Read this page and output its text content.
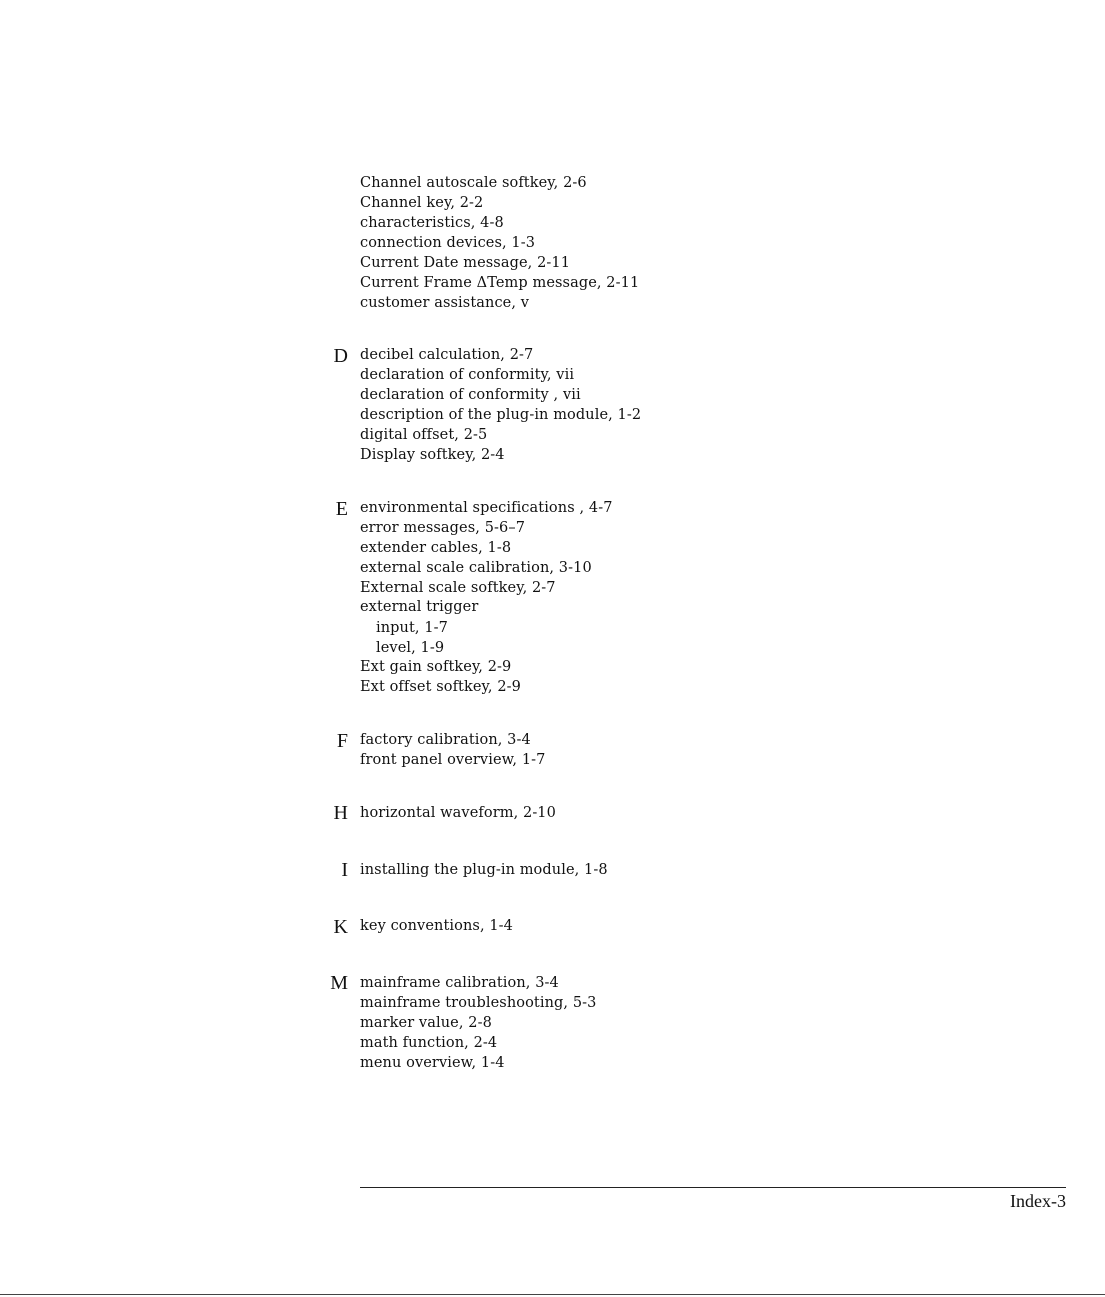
Channel autoscale softkey, 2-6
Channel key, 2-2
characteristics, 4-8
connection devices, 1-3
Current Date message, 2-11
Current Frame ΔTemp message, 2-11
customer assistance, v
D decibel calculation, 2-7
declaration of conformity, vii
declaration of conformity , vii
description of the plug-in module, 1-2
digital offset, 2-5
Display softkey, 2-4
E environmental specifications , 4-7
error messages, 5-6–7
extender cables, 1-8
external scale calibration, 3-10
External scale softkey, 2-7
external trigger
input, 1-7
level, 1-9
Ext gain softkey, 2-9
Ext offset softkey, 2-9
F factory calibration, 3-4
front panel overview, 1-7
H horizontal waveform, 2-10
I installing the plug-in module, 1-8
K key conventions, 1-4
M mainframe calibration, 3-4
mainframe troubleshooting, 5-3
marker value, 2-8
math function, 2-4
menu overview, 1-4
Index-3
